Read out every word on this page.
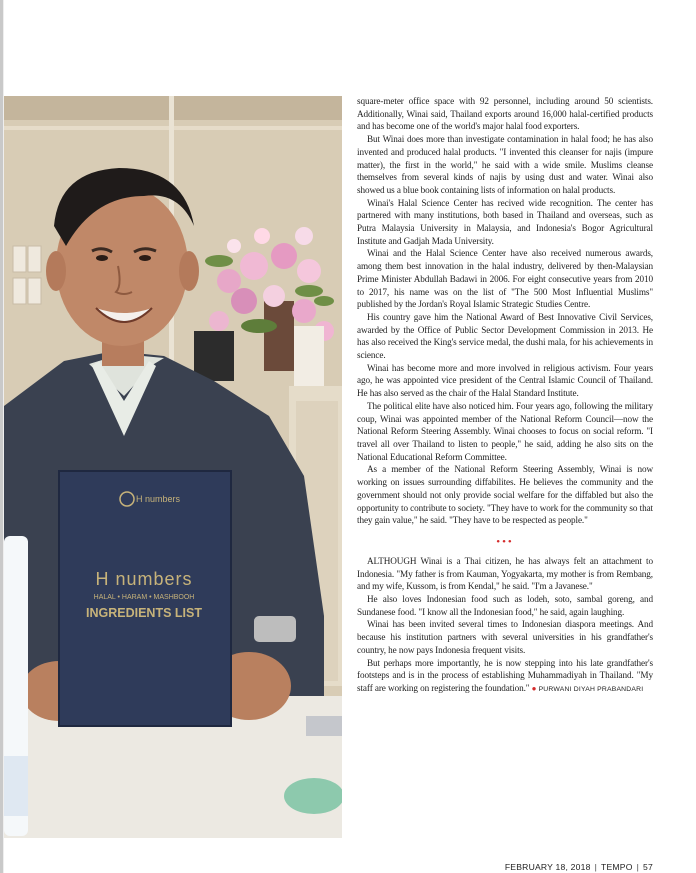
H numbers
H numbers
HALAL • HARAM • MASHBOOH
INGREDIENTS LIST

square-meter office space with 92 personnel, including around 50 scientists. Additionally, Winai said, Thailand exports around 16,000 halal-certified products and has become one of the world's major halal food exporters.

But Winai does more than investigate contamination in halal food; he has also invented and produced halal products. "I invented this cleanser for najis (impure matter), the first in the world," he said with a wide smile. Muslims cleanse themselves from several kinds of najis by using dust and water. Winai also showed us a blue book containing lists of information on halal products.

Winai's Halal Science Center has recived wide recognition. The center has partnered with many institutions, both based in Thailand and overseas, such as Putra Malaysia University in Malaysia, and Indonesia's Bogor Agricultural Institute and Gadjah Mada University.

Winai and the Halal Science Center have also received numerous awards, among them best innovation in the halal industry, delivered by then-Malaysian Prime Minister Abdullah Badawi in 2006. For eight consecutive years from 2010 to 2017, his name was on the list of "The 500 Most Influential Muslims" published by the Jordan's Royal Islamic Strategic Studies Centre.

His country gave him the National Award of Best Innovative Civil Services, awarded by the Office of Public Sector Development Commission in 2013. He has also received the King's service medal, the dushi mala, for his achievements in science.

Winai has become more and more involved in religious activism. Four years ago, he was appointed vice president of the Central Islamic Council of Thailand. He has also served as the chair of the Halal Standard Institute.

The political elite have also noticed him. Four years ago, following the military coup, Winai was appointed member of the National Reform Council—now the National Reform Steering Assembly. Winai chooses to focus on social reform. "I travel all over Thailand to listen to people," he said, adding he also sits on the National Educational Reform Committee.

As a member of the National Reform Steering Assembly, Winai is now working on issues surrounding diffabilites. He believes the community and the government should not only provide social welfare for the diffabled but also the opportunity to contribute to society. "They have to work for the community so that they gain value," he said. "They have to be respected as people."

•••

ALTHOUGH Winai is a Thai citizen, he has always felt an attachment to Indonesia. "My father is from Kauman, Yogyakarta, my mother is from Rembang, and my wife, Kussom, is from Kendal," he said. "I'm a Javanese."

He also loves Indonesian food such as lodeh, soto, sambal goreng, and Sundanese food. "I know all the Indonesian food," he said, again laughing.

Winai has been invited several times to Indonesian diaspora meetings. And because his institution partners with several universities in his grandfather's country, he now pays Indonesia frequent visits.

But perhaps more importantly, he is now stepping into his late grandfather's footsteps and is in the process of establishing Muhammadiyah in Thailand. "My staff are working on registering the foundation." ● PURWANI DIYAH PRABANDARI

FEBRUARY 18, 2018 | TEMPO | 57
